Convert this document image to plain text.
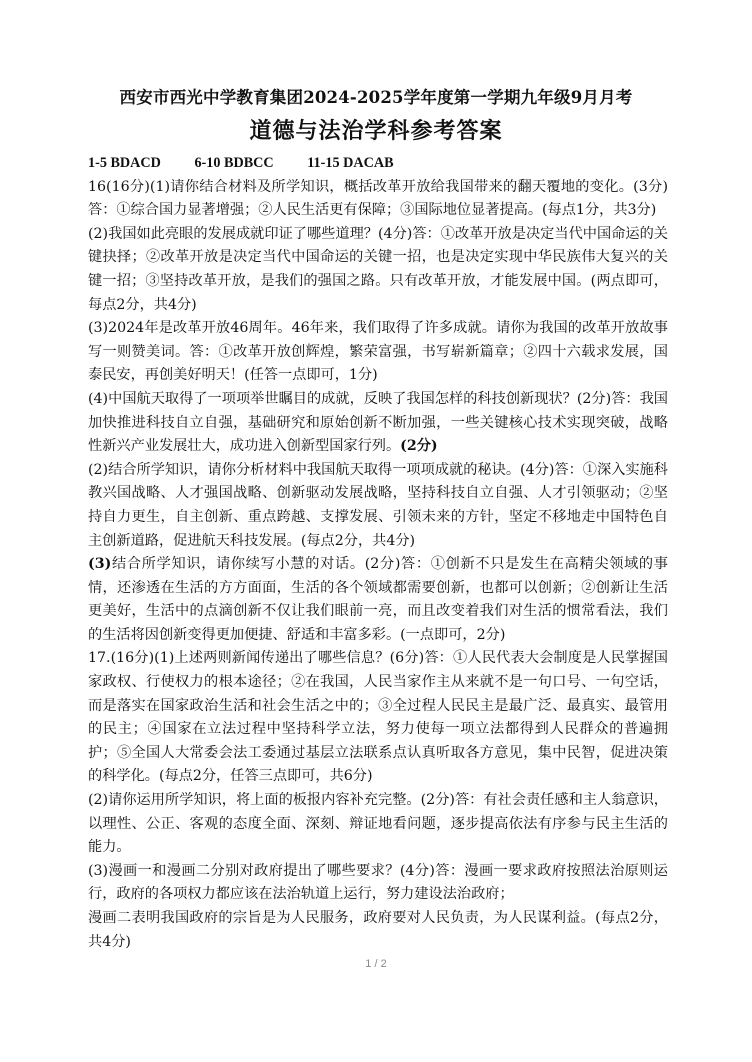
西安市西光中学教育集团2024-2025学年度第一学期九年级9月月考
道德与法治学科参考答案

1-5 BDACD 6-10 BDBCC 11-15 DACAB

16(16分)(1)请你结合材料及所学知识，概括改革开放给我国带来的翻天覆地的变化。(3分)答：①综合国力显著增强；②人民生活更有保障；③国际地位显著提高。(每点1分，共3分)

(2)我国如此亮眼的发展成就印证了哪些道理？(4分)答：①改革开放是决定当代中国命运的关键抉择；②改革开放是决定当代中国命运的关键一招，也是决定实现中华民族伟大复兴的关键一招；③坚持改革开放，是我们的强国之路。只有改革开放，才能发展中国。(两点即可，每点2分，共4分)

(3)2024年是改革开放46周年。46年来，我们取得了许多成就。请你为我国的改革开放故事写一则赞美词。答：①改革开放创辉煌，繁荣富强，书写崭新篇章；②四十六载求发展，国泰民安，再创美好明天！(任答一点即可，1分)

(4)中国航天取得了一项项举世瞩目的成就，反映了我国怎样的科技创新现状？(2分)答：我国加快推进科技自立自强，基础研究和原始创新不断加强，一些关键核心技术实现突破，战略性新兴产业发展壮大，成功进入创新型国家行列。(2分)

(2)结合所学知识，请你分析材料中我国航天取得一项项成就的秘诀。(4分)答：①深入实施科教兴国战略、人才强国战略、创新驱动发展战略，坚持科技自立自强、人才引领驱动；②坚持自力更生，自主创新、重点跨越、支撑发展、引领未来的方针，坚定不移地走中国特色自主创新道路，促进航天科技发展。(每点2分，共4分)

(3)结合所学知识，请你续写小慧的对话。(2分)答：①创新不只是发生在高精尖领域的事情，还渗透在生活的方方面面，生活的各个领域都需要创新，也都可以创新；②创新让生活更美好，生活中的点滴创新不仅让我们眼前一亮，而且改变着我们对生活的惯常看法，我们的生活将因创新变得更加便捷、舒适和丰富多彩。(一点即可，2分)

17.(16分)(1)上述两则新闻传递出了哪些信息？(6分)答：①人民代表大会制度是人民掌握国家政权、行使权力的根本途径；②在我国，人民当家作主从来就不是一句口号、一句空话，而是落实在国家政治生活和社会生活之中的；③全过程人民民主是最广泛、最真实、最管用的民主；④国家在立法过程中坚持科学立法，努力使每一项立法都得到人民群众的普遍拥护；⑤全国人大常委会法工委通过基层立法联系点认真听取各方意见，集中民智，促进决策的科学化。(每点2分，任答三点即可，共6分)

(2)请你运用所学知识，将上面的板报内容补充完整。(2分)答：有社会责任感和主人翁意识，以理性、公正、客观的态度全面、深刻、辩证地看问题，逐步提高依法有序参与民主生活的能力。

(3)漫画一和漫画二分别对政府提出了哪些要求？(4分)答：漫画一要求政府按照法治原则运行，政府的各项权力都应该在法治轨道上运行，努力建设法治政府；

漫画二表明我国政府的宗旨是为人民服务，政府要对人民负责，为人民谋利益。(每点2分，共4分)

1 / 2
